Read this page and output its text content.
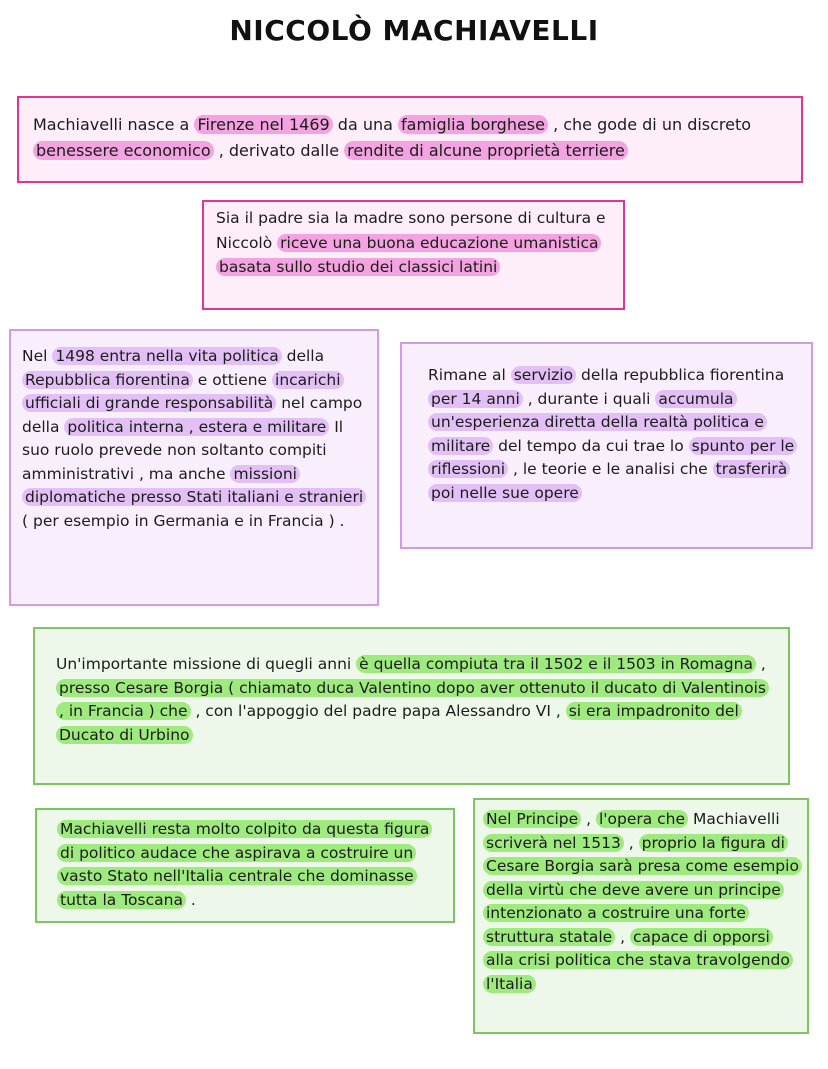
NICCOLÒ MACHIAVELLI

Machiavelli nasce a Firenze nel 1469 da una famiglia borghese , che gode di un discreto benessere economico , derivato dalle rendite di alcune proprietà terriere

Sia il padre sia la madre sono persone di cultura e Niccolò riceve una buona educazione umanistica basata sullo studio dei classici latini

Nel 1498 entra nella vita politica della Repubblica fiorentina e ottiene incarichi ufficiali di grande responsabilità nel campo della politica interna , estera e militare Il suo ruolo prevede non soltanto compiti amministrativi , ma anche missioni diplomatiche presso Stati italiani e stranieri ( per esempio in Germania e in Francia ) .

Rimane al servizio della repubblica fiorentina per 14 anni , durante i quali accumula un'esperienza diretta della realtà politica e militare del tempo da cui trae lo spunto per le riflessioni , le teorie e le analisi che trasferirà poi nelle sue opere

Un'importante missione di quegli anni è quella compiuta tra il 1502 e il 1503 in Romagna , presso Cesare Borgia ( chiamato duca Valentino dopo aver ottenuto il ducato di Valentinois , in Francia ) che , con l'appoggio del padre papa Alessandro VI , si era impadronito del Ducato di Urbino

Machiavelli resta molto colpito da questa figura di politico audace che aspirava a costruire un vasto Stato nell'Italia centrale che dominasse tutta la Toscana .

Nel Principe , l'opera che Machiavelli scriverà nel 1513 , proprio la figura di Cesare Borgia sarà presa come esempio della virtù che deve avere un principe intenzionato a costruire una forte struttura statale , capace di opporsi alla crisi politica che stava travolgendo l'Italia
